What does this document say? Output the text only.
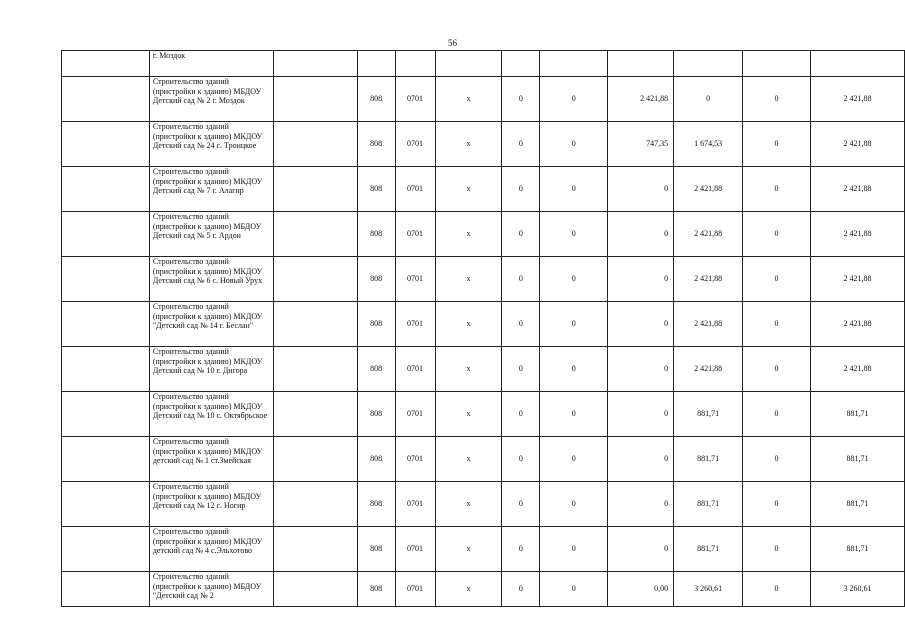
56
	г. Моздок										
	Строительство зданий (пристройки к зданию) МБДОУ Детский сад № 2 г. Моздок		808	0701	x	0	0	2 421,88	0	0	2 421,88
	Строительство зданий (пристройки к зданию) МКДОУ Детский сад № 24 с. Троицкое		808	0701	x	0	0	747,35	1 674,53	0	2 421,88
	Строительство зданий (пристройки к зданию) МКДОУ Детский сад № 7 г. Алагир		808	0701	x	0	0	0	2 421,88	0	2 421,88
	Строительство зданий (пристройки к зданию) МБДОУ Детский сад № 5 г. Ардон		808	0701	x	0	0	0	2 421,88	0	2 421,88
	Строительство зданий (пристройки к зданию) МКДОУ Детский сад № 6 с. Новый Урух		808	0701	x	0	0	0	2 421,88	0	2 421,88
	Строительство зданий (пристройки к зданию) МКДОУ "Детский сад № 14 г. Беслан"		808	0701	x	0	0	0	2 421,88	0	2 421,88
	Строительство зданий (пристройки к зданию) МКДОУ Детский сад № 10 г. Дигора		808	0701	x	0	0	0	2 421,88	0	2 421,88
	Строительство зданий (пристройки к зданию) МКДОУ Детский сад № 10 с. Октябрьское		808	0701	x	0	0	0	881,71	0	881,71
	Строительство зданий (пристройки к зданию) МКДОУ детский сад № 1 ст.Змейская		808	0701	x	0	0	0	881,71	0	881,71
	Строительство зданий (пристройки к зданию) МБДОУ Детский сад № 12 с. Ногир		808	0701	x	0	0	0	881,71	0	881,71
	Строительство зданий (пристройки к зданию) МКДОУ детский сад № 4 с.Эльхотово		808	0701	x	0	0	0	881,71	0	881,71
	Строительство зданий (пристройки к зданию) МБДОУ "Детский сад № 2		808	0701	x	0	0	0,00	3 260,61	0	3 260,61
